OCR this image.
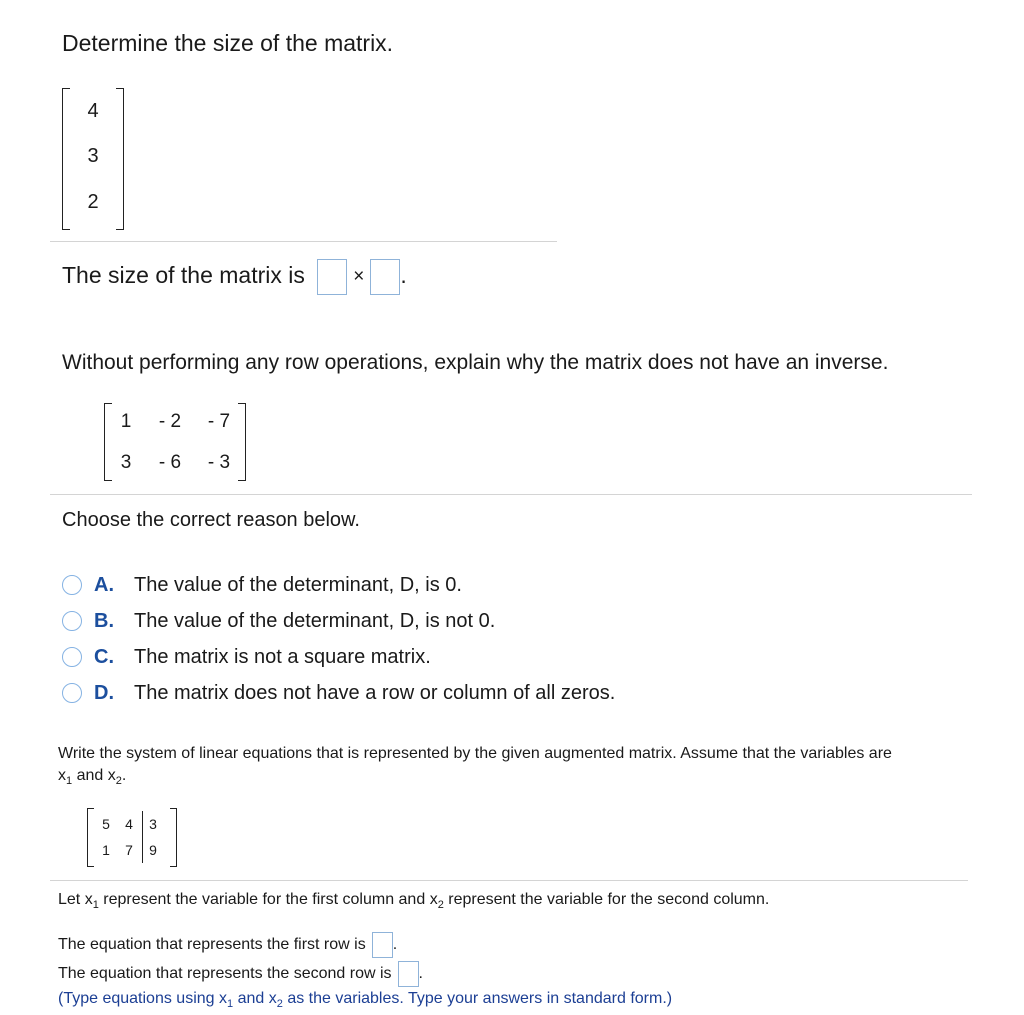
Determine the size of the matrix.
4
3
2
The size of the matrix is	× .
Without performing any row operations, explain why the matrix does not have an inverse.
1	- 2	- 7
3	- 6	- 3
Choose the correct reason below.
A.	The value of the determinant, D, is 0.
B.	The value of the determinant, D, is not 0.
C.	The matrix is not a square matrix.
D.	The matrix does not have a row or column of all zeros.
Write the system of linear equations that is represented by the given augmented matrix. Assume that the variables are
$x_1$ and $x_2$.
5 4 3
1 7 9
Let $x_1$ represent the variable for the first column and $x_2$ represent the variable for the second column.
The equation that represents the first row is .
The equation that represents the second row is .
(Type equations using $x_1$ and $x_2$ as the variables. Type your answers in standard form.)
